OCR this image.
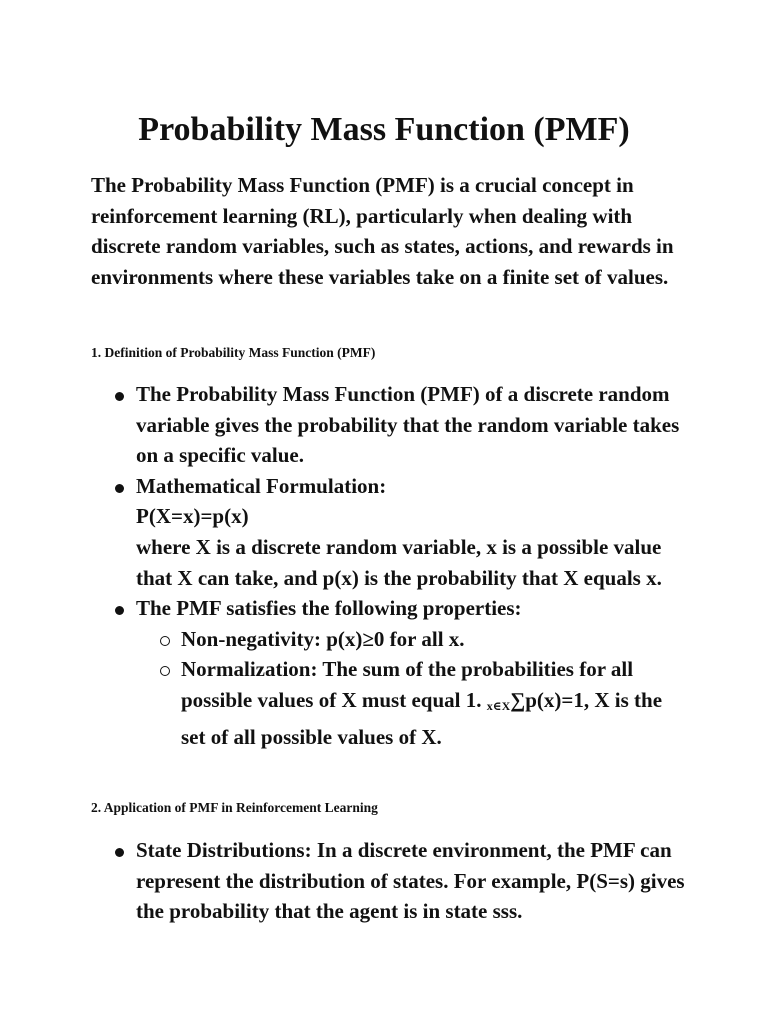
Probability Mass Function (PMF)

The Probability Mass Function (PMF) is a crucial concept in reinforcement learning (RL), particularly when dealing with discrete random variables, such as states, actions, and rewards in environments where these variables take on a finite set of values.

1. Definition of Probability Mass Function (PMF)

The Probability Mass Function (PMF) of a discrete random variable gives the probability that the random variable takes on a specific value.
Mathematical Formulation:
P(X=x)=p(x)
where X is a discrete random variable, x is a possible value that X can take, and p(x) is the probability that X equals x.
The PMF satisfies the following properties:
Non-negativity: p(x)≥0 for all x.
Normalization: The sum of the probabilities for all possible values of X must equal 1. $_{x\in X}$∑p(x)=1, X is the set of all possible values of X.

2. Application of PMF in Reinforcement Learning

State Distributions: In a discrete environment, the PMF can represent the distribution of states. For example, P(S=s) gives the probability that the agent is in state sss.
